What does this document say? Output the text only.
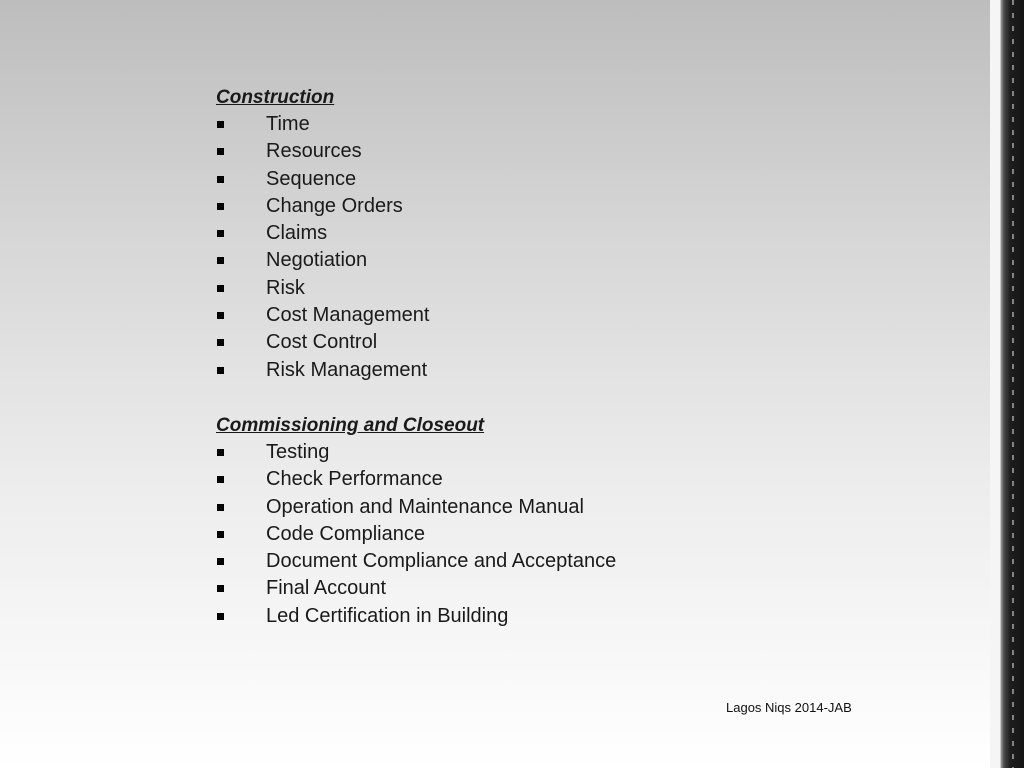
Construction
Time
Resources
Sequence
Change Orders
Claims
Negotiation
Risk
Cost Management
Cost Control
Risk Management
Commissioning and Closeout
Testing
Check Performance
Operation and Maintenance Manual
Code Compliance
Document Compliance and Acceptance
Final Account
Led Certification in Building
Lagos Niqs 2014-JAB
